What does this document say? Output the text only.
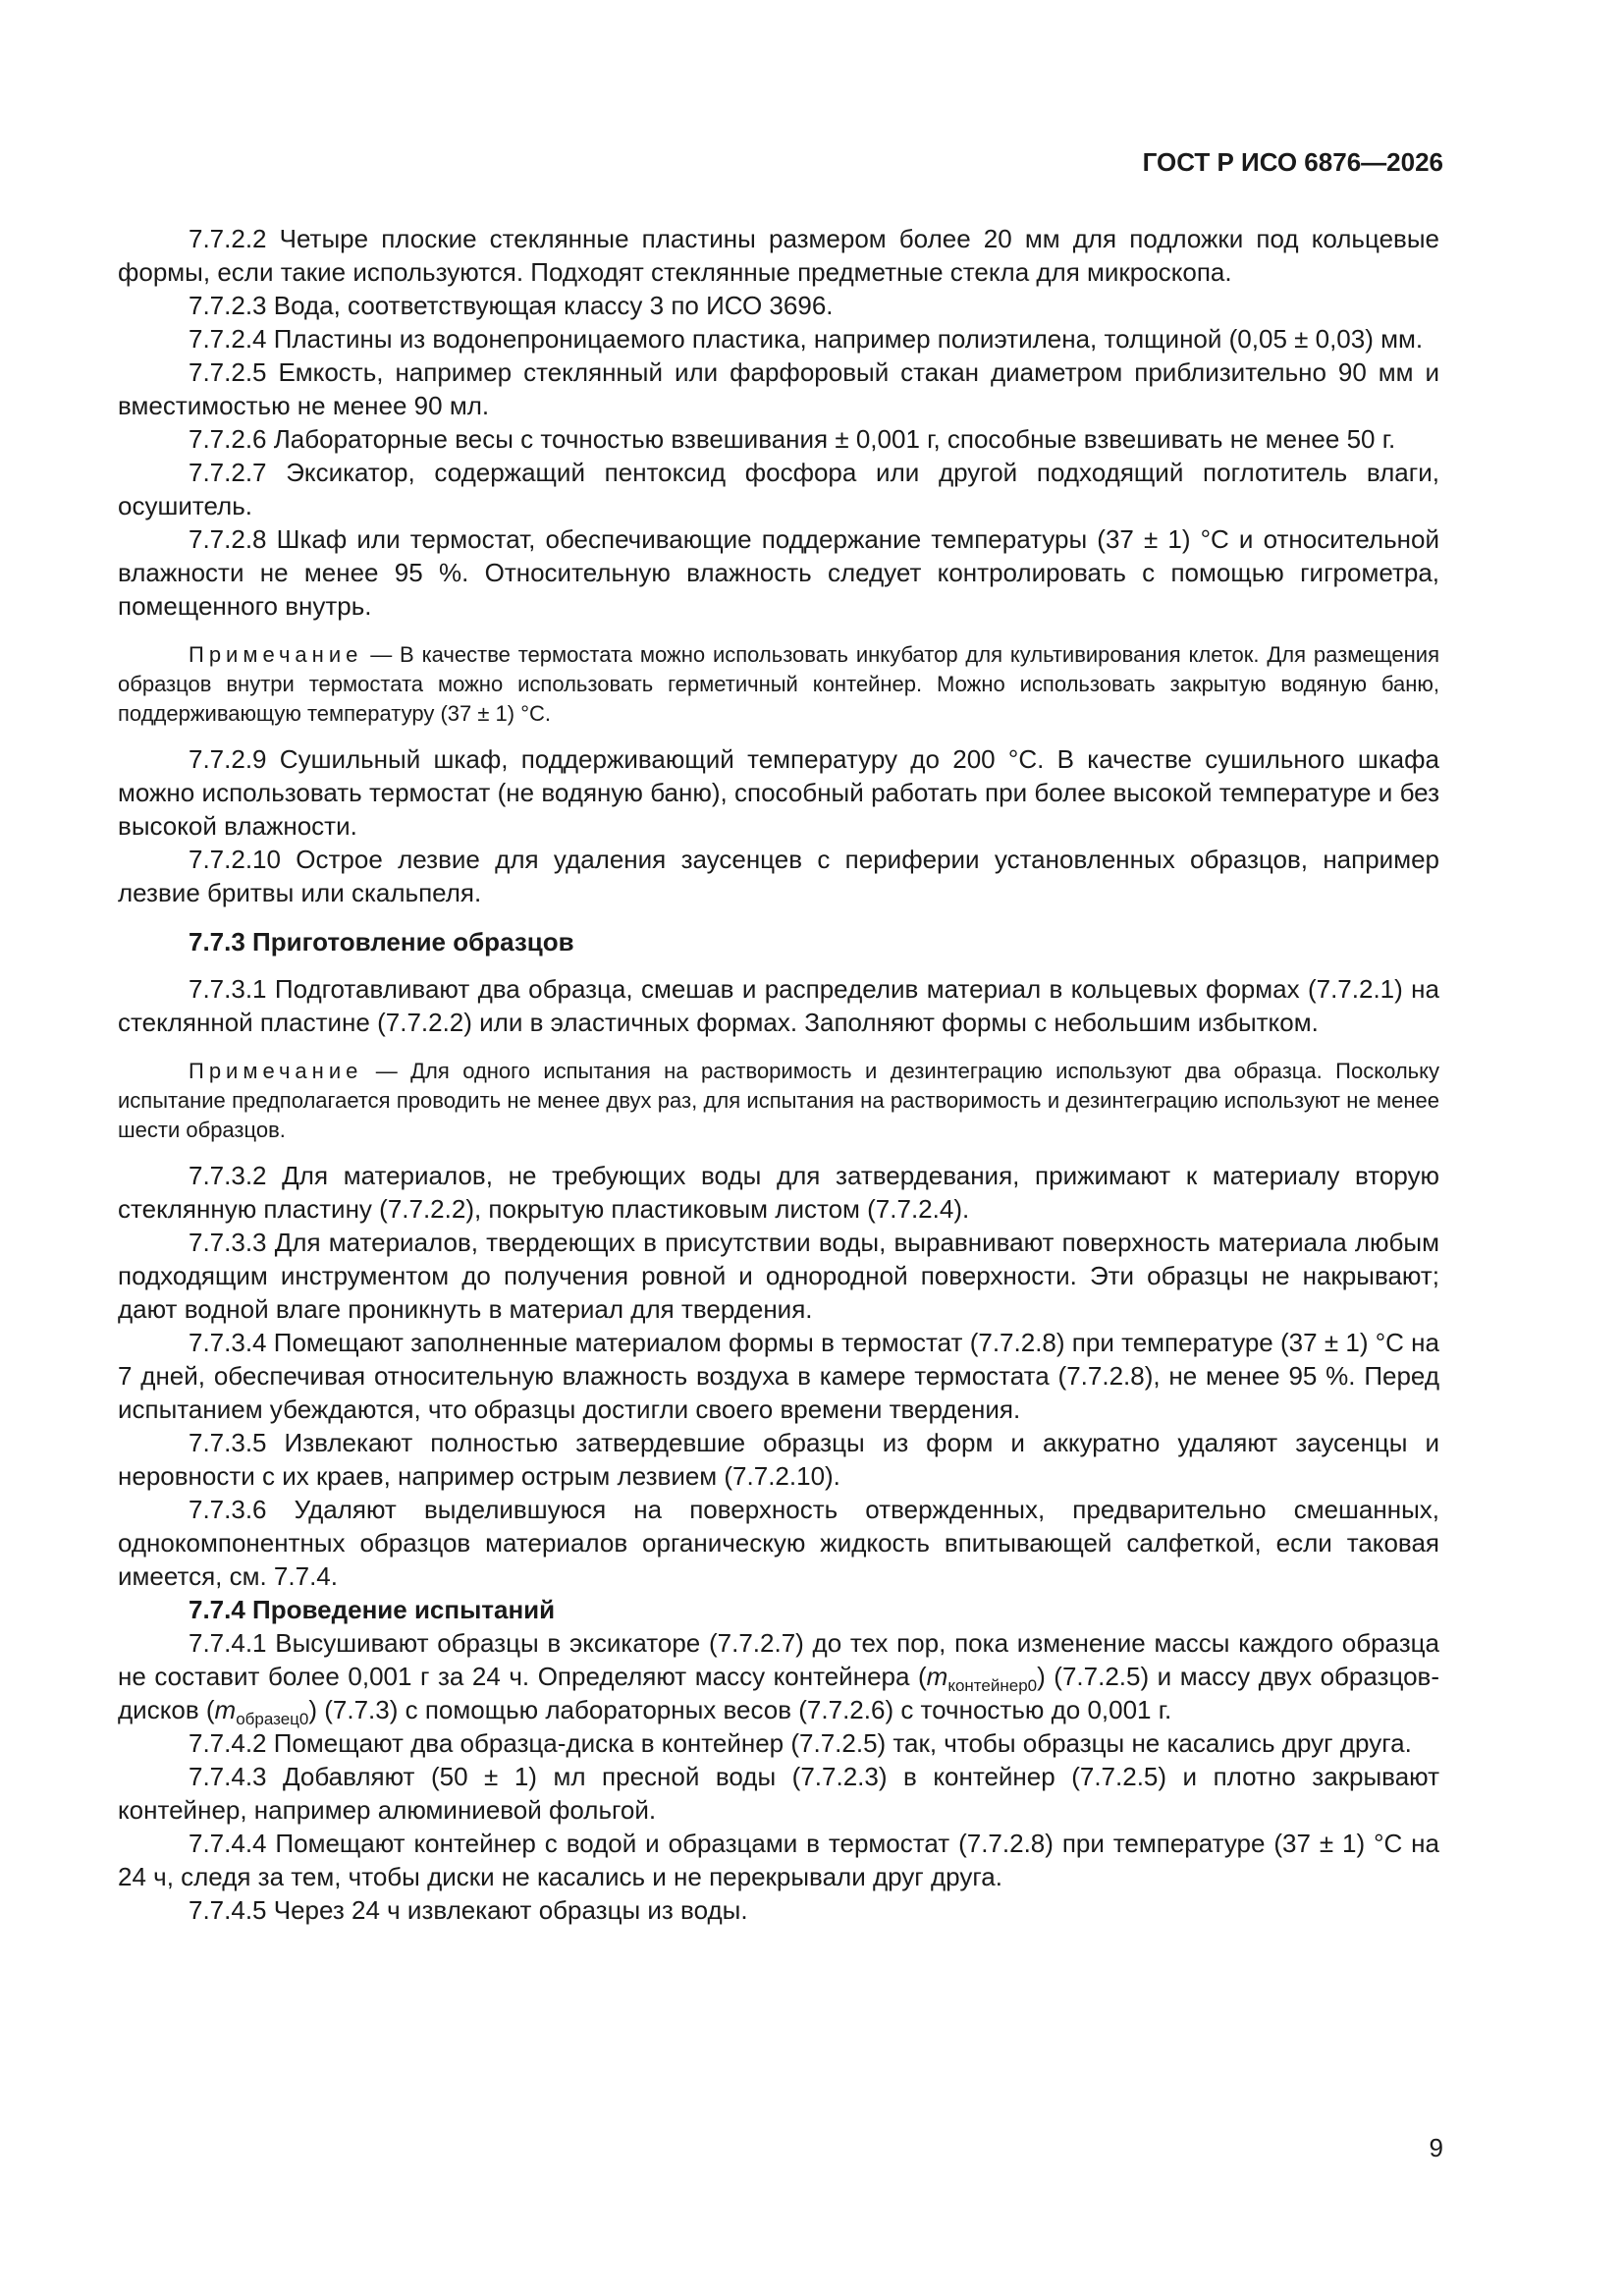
ГОСТ Р ИСО 6876—2026

7.7.2.2 Четыре плоские стеклянные пластины размером более 20 мм для подложки под кольцевые формы, если такие используются. Подходят стеклянные предметные стекла для микроскопа.

7.7.2.3 Вода, соответствующая классу 3 по ИСО 3696.

7.7.2.4 Пластины из водонепроницаемого пластика, например полиэтилена, толщиной (0,05 ± 0,03) мм.

7.7.2.5 Емкость, например стеклянный или фарфоровый стакан диаметром приблизительно 90 мм и вместимостью не менее 90 мл.

7.7.2.6 Лабораторные весы с точностью взвешивания ± 0,001 г, способные взвешивать не менее 50 г.

7.7.2.7 Эксикатор, содержащий пентоксид фосфора или другой подходящий поглотитель влаги, осушитель.

7.7.2.8 Шкаф или термостат, обеспечивающие поддержание температуры (37 ± 1) °С и относительной влажности не менее 95 %. Относительную влажность следует контролировать с помощью гигрометра, помещенного внутрь.

Примечание — В качестве термостата можно использовать инкубатор для культивирования клеток. Для размещения образцов внутри термостата можно использовать герметичный контейнер. Можно использовать закрытую водяную баню, поддерживающую температуру (37 ± 1) °С.

7.7.2.9 Сушильный шкаф, поддерживающий температуру до 200 °С. В качестве сушильного шкафа можно использовать термостат (не водяную баню), способный работать при более высокой температуре и без высокой влажности.

7.7.2.10 Острое лезвие для удаления заусенцев с периферии установленных образцов, например лезвие бритвы или скальпеля.

7.7.3 Приготовление образцов

7.7.3.1 Подготавливают два образца, смешав и распределив материал в кольцевых формах (7.7.2.1) на стеклянной пластине (7.7.2.2) или в эластичных формах. Заполняют формы с небольшим избытком.

Примечание — Для одного испытания на растворимость и дезинтеграцию используют два образца. Поскольку испытание предполагается проводить не менее двух раз, для испытания на растворимость и дезинтеграцию используют не менее шести образцов.

7.7.3.2 Для материалов, не требующих воды для затвердевания, прижимают к материалу вторую стеклянную пластину (7.7.2.2), покрытую пластиковым листом (7.7.2.4).

7.7.3.3 Для материалов, твердеющих в присутствии воды, выравнивают поверхность материала любым подходящим инструментом до получения ровной и однородной поверхности. Эти образцы не накрывают; дают водной влаге проникнуть в материал для твердения.

7.7.3.4 Помещают заполненные материалом формы в термостат (7.7.2.8) при температуре (37 ± 1) °С на 7 дней, обеспечивая относительную влажность воздуха в камере термостата (7.7.2.8), не менее 95 %. Перед испытанием убеждаются, что образцы достигли своего времени твердения.

7.7.3.5 Извлекают полностью затвердевшие образцы из форм и аккуратно удаляют заусенцы и неровности с их краев, например острым лезвием (7.7.2.10).

7.7.3.6 Удаляют выделившуюся на поверхность отвержденных, предварительно смешанных, однокомпонентных образцов материалов органическую жидкость впитывающей салфеткой, если таковая имеется, см. 7.7.4.

7.7.4 Проведение испытаний

7.7.4.1 Высушивают образцы в эксикаторе (7.7.2.7) до тех пор, пока изменение массы каждого образца не составит более 0,001 г за 24 ч. Определяют массу контейнера $(m_{контейнер0})$ (7.7.2.5) и массу двух образцов-дисков $(m_{образец0})$ (7.7.3) с помощью лабораторных весов (7.7.2.6) с точностью до 0,001 г.

7.7.4.2 Помещают два образца-диска в контейнер (7.7.2.5) так, чтобы образцы не касались друг друга.

7.7.4.3 Добавляют (50 ± 1) мл пресной воды (7.7.2.3) в контейнер (7.7.2.5) и плотно закрывают контейнер, например алюминиевой фольгой.

7.7.4.4 Помещают контейнер с водой и образцами в термостат (7.7.2.8) при температуре (37 ± 1) °С на 24 ч, следя за тем, чтобы диски не касались и не перекрывали друг друга.

7.7.4.5 Через 24 ч извлекают образцы из воды.

9
